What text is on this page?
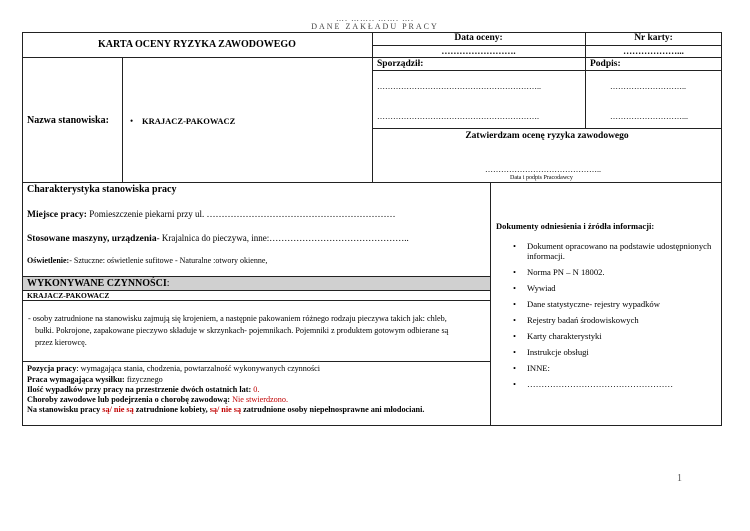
…. …….. ……. ….
DANE ZAKŁADU PRACY
KARTA OCENY RYZYKA ZAWODOWEGO
Data oceny:
…………………….
Nr karty:
………………...
Sporządził:
……………………………………………………..
…………………………………………………….
Podpis:
………………………..
………………………...
Nazwa stanowiska: • KRAJACZ-PAKOWACZ
Zatwierdzam ocenę ryzyka zawodowego
……………………………………..
Data i podpis Pracodawcy
Charakterystyka stanowiska pracy
Miejsce pracy: Pomieszczenie piekarni przy ul. ………………………………………………………
Stosowane maszyny, urządzenia- Krajalnica do pieczywa, inne:………………………………………..
Oświetlenie:- Sztuczne: oświetlenie sufitowe - Naturalne :otwory okienne,
WYKONYWANE CZYNNOŚCI:
KRAJACZ-PAKOWACZ
- osoby zatrudnione na stanowisku zajmują się krojeniem, a następnie pakowaniem różnego rodzaju pieczywa takich jak: chleb,
bułki. Pokrojone, zapakowane pieczywo składuje w skrzynkach- pojemnikach. Pojemniki z produktem gotowym odbierane są
przez kierowcę.
Pozycja pracy: wymagająca stania, chodzenia, powtarzalność wykonywanych czynności
Praca wymagająca wysiłku: fizycznego
Ilość wypadków przy pracy na przestrzenie dwóch ostatnich lat: 0.
Choroby zawodowe lub podejrzenia o chorobę zawodową: Nie stwierdzono.
Na stanowisku pracy są/ nie są zatrudnione kobiety, są/ nie są zatrudnione osoby niepełnosprawne ani młodociani.
Dokumenty odniesienia i źródła informacji:
• Dokument opracowano na podstawie udostępnionych informacji.
• Norma PN – N 18002.
• Wywiad
• Dane statystyczne- rejestry wypadków
• Rejestry badań środowiskowych
• Karty charakterystyki
• Instrukcje obsługi
• INNE:
• ……………………………………………
1
